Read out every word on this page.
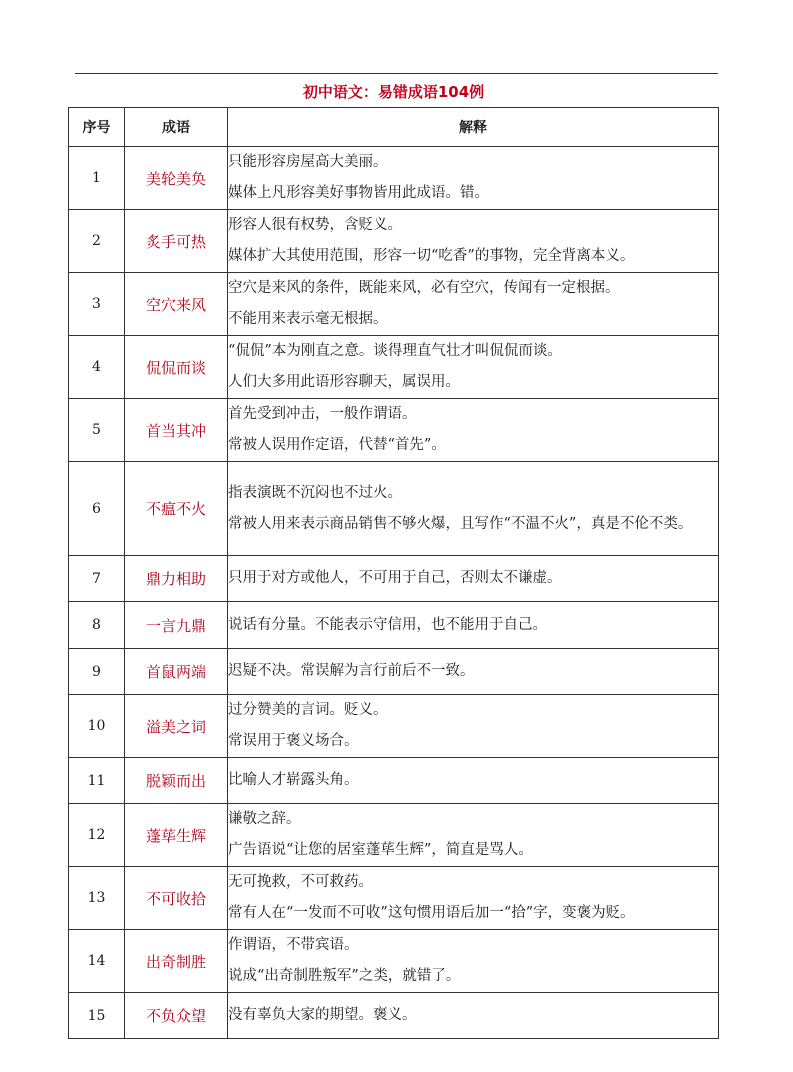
初中语文：易错成语104例
序号	成语	解释
1	美轮美奂	只能形容房屋高大美丽。
媒体上凡形容美好事物皆用此成语。错。

2	炙手可热	形容人很有权势，含贬义。
媒体扩大其使用范围，形容一切“吃香”的事物，完全背离本义。

3	空穴来风	空穴是来风的条件，既能来风，必有空穴，传闻有一定根据。
不能用来表示毫无根据。

4	侃侃而谈	“侃侃”本为刚直之意。谈得理直气壮才叫侃侃而谈。
人们大多用此语形容聊天，属误用。

5	首当其冲	首先受到冲击，一般作谓语。
常被人误用作定语，代替“首先”。

6	不瘟不火	指表演既不沉闷也不过火。
常被人用来表示商品销售不够火爆，且写作“不温不火”，真是不伦不类。

7	鼎力相助	只用于对方或他人，不可用于自己，否则太不谦虚。

8	一言九鼎	说话有分量。不能表示守信用，也不能用于自己。

9	首鼠两端	迟疑不决。常误解为言行前后不一致。

10	溢美之词	过分赞美的言词。贬义。
常误用于褒义场合。

11	脱颖而出	比喻人才崭露头角。

12	蓬荜生辉	谦敬之辞。
广告语说“让您的居室蓬荜生辉”，简直是骂人。

13	不可收拾	无可挽救，不可救药。
常有人在“一发而不可收”这句惯用语后加一“拾”字，变褒为贬。

14	出奇制胜	作谓语，不带宾语。
说成“出奇制胜叛军”之类，就错了。

15	不负众望	没有辜负大家的期望。褒义。
